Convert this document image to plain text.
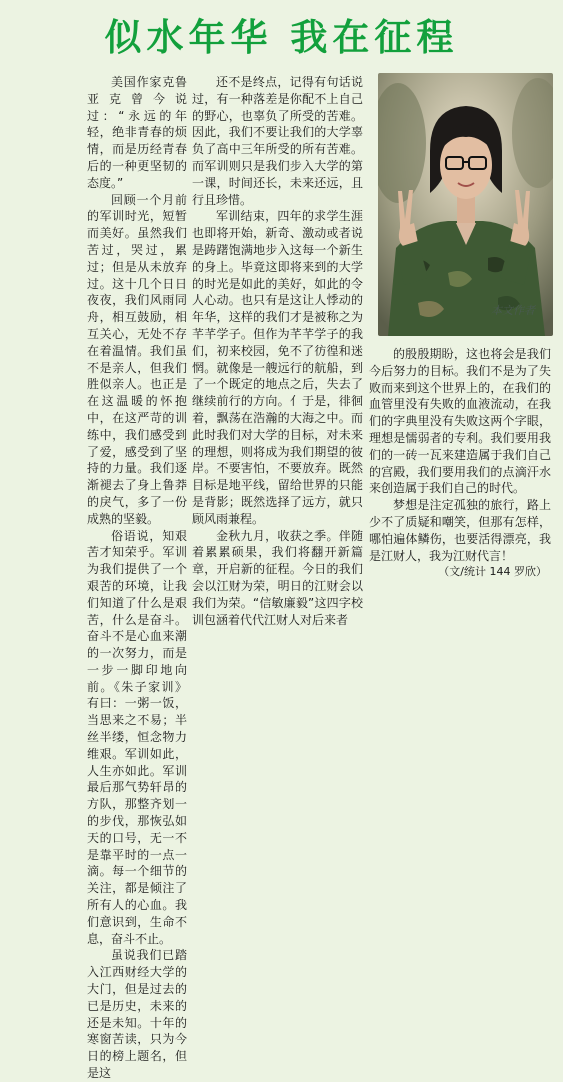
似水年华 我在征程

美国作家克鲁亚克曾今说过：“永远的年轻，绝非青春的烦情，而是历经青春后的一种更坚韧的态度。”

回顾一个月前的军训时光，短暂而美好。虽然我们苦过，哭过，累过；但是从未放弃过。这十几个日日夜夜，我们风雨同舟，相互鼓励，相互关心，无处不存在着温情。我们虽不是亲人，但我们胜似亲人。也正是在这温暖的怀抱中，在这严苛的训练中，我们感受到了爱，感受到了坚持的力量。我们逐渐褪去了身上鲁莽的戾气，多了一份成熟的坚毅。

俗语说，知艰苦才知荣乎。军训为我们提供了一个艰苦的环境，让我们知道了什么是艰苦，什么是奋斗。奋斗不是心血来潮的一次努力，而是一步一脚印地向前。《朱子家训》有曰：一粥一饭，当思来之不易；半丝半缕，恒念物力维艰。军训如此，人生亦如此。军训最后那气势轩昂的方队，那整齐划一的步伐，那恢弘如天的口号，无一不是靠平时的一点一滴。每一个细节的关注，都是倾注了所有人的心血。我们意识到，生命不息，奋斗不止。

虽说我们已踏入江西财经大学的大门，但是过去的已是历史，未来的还是未知。十年的寒窗苦读，只为今日的榜上题名，但是这

还不是终点，记得有句话说过，有一种落差是你配不上自己的野心，也辜负了所受的苦难。因此，我们不要让我们的大学辜负了高中三年所受的所有苦难。而军训则只是我们步入大学的第一课，时间还长，未来还远，且行且珍惜。

军训结束，四年的求学生涯也即将开始，新奇、激动或者说是踌躇饱满地步入这每一个新生的身上。毕竟这即将来到的大学的时光是如此的美好，如此的令人心动。也只有是这让人悸动的年华，这样的我们才是被称之为芊芊学子。但作为芊芊学子的我们，初来校园，免不了彷徨和迷惘。就像是一艘远行的航船，到了一个既定的地点之后，失去了继续前行的方向。亻于是，徘徊着，飘荡在浩瀚的大海之中。而此时我们对大学的目标，对未来的理想，则将成为我们期望的彼岸。不要害怕，不要放弃。既然目标是地平线，留给世界的只能是背影；既然选择了远方，就只顾风雨兼程。

金秋九月，收获之季。伴随着累累硕果，我们将翻开新篇章，开启新的征程。今日的我们会以江财为荣，明日的江财会以我们为荣。“信敏廉毅”这四字校训包涵着代代江财人对后来者

本文作者

的殷殷期盼，这也将会是我们今后努力的目标。我们不是为了失败而来到这个世界上的，在我们的血管里没有失败的血液流动，在我们的字典里没有失败这两个字眼，理想是懦弱者的专利。我们要用我们的一砖一瓦来建造属于我们自己的宫殿，我们要用我们的点滴汗水来创造属于我们自己的时代。

梦想是注定孤独的旅行，路上少不了质疑和嘲笑，但那有怎样，哪怕遍体鳞伤，也要活得漂亮，我是江财人，我为江财代言！

（文/统计 144 罗欣）
